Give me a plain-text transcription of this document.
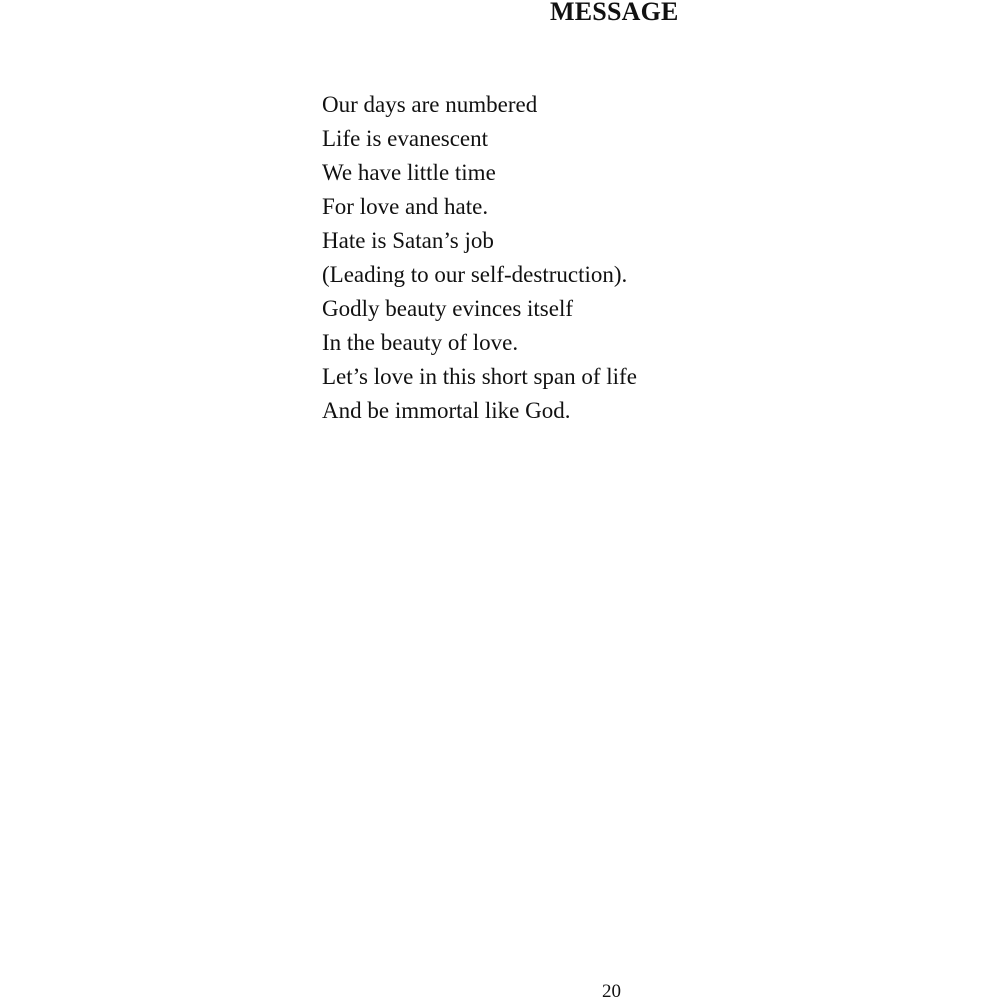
MESSAGE
Our days are numbered
Life is evanescent
We have little time
For love and hate.
Hate is Satan’s job
(Leading to our self-destruction).
Godly beauty evinces itself
In the beauty of love.
Let’s love in this short span of life
And be immortal like God.

20
